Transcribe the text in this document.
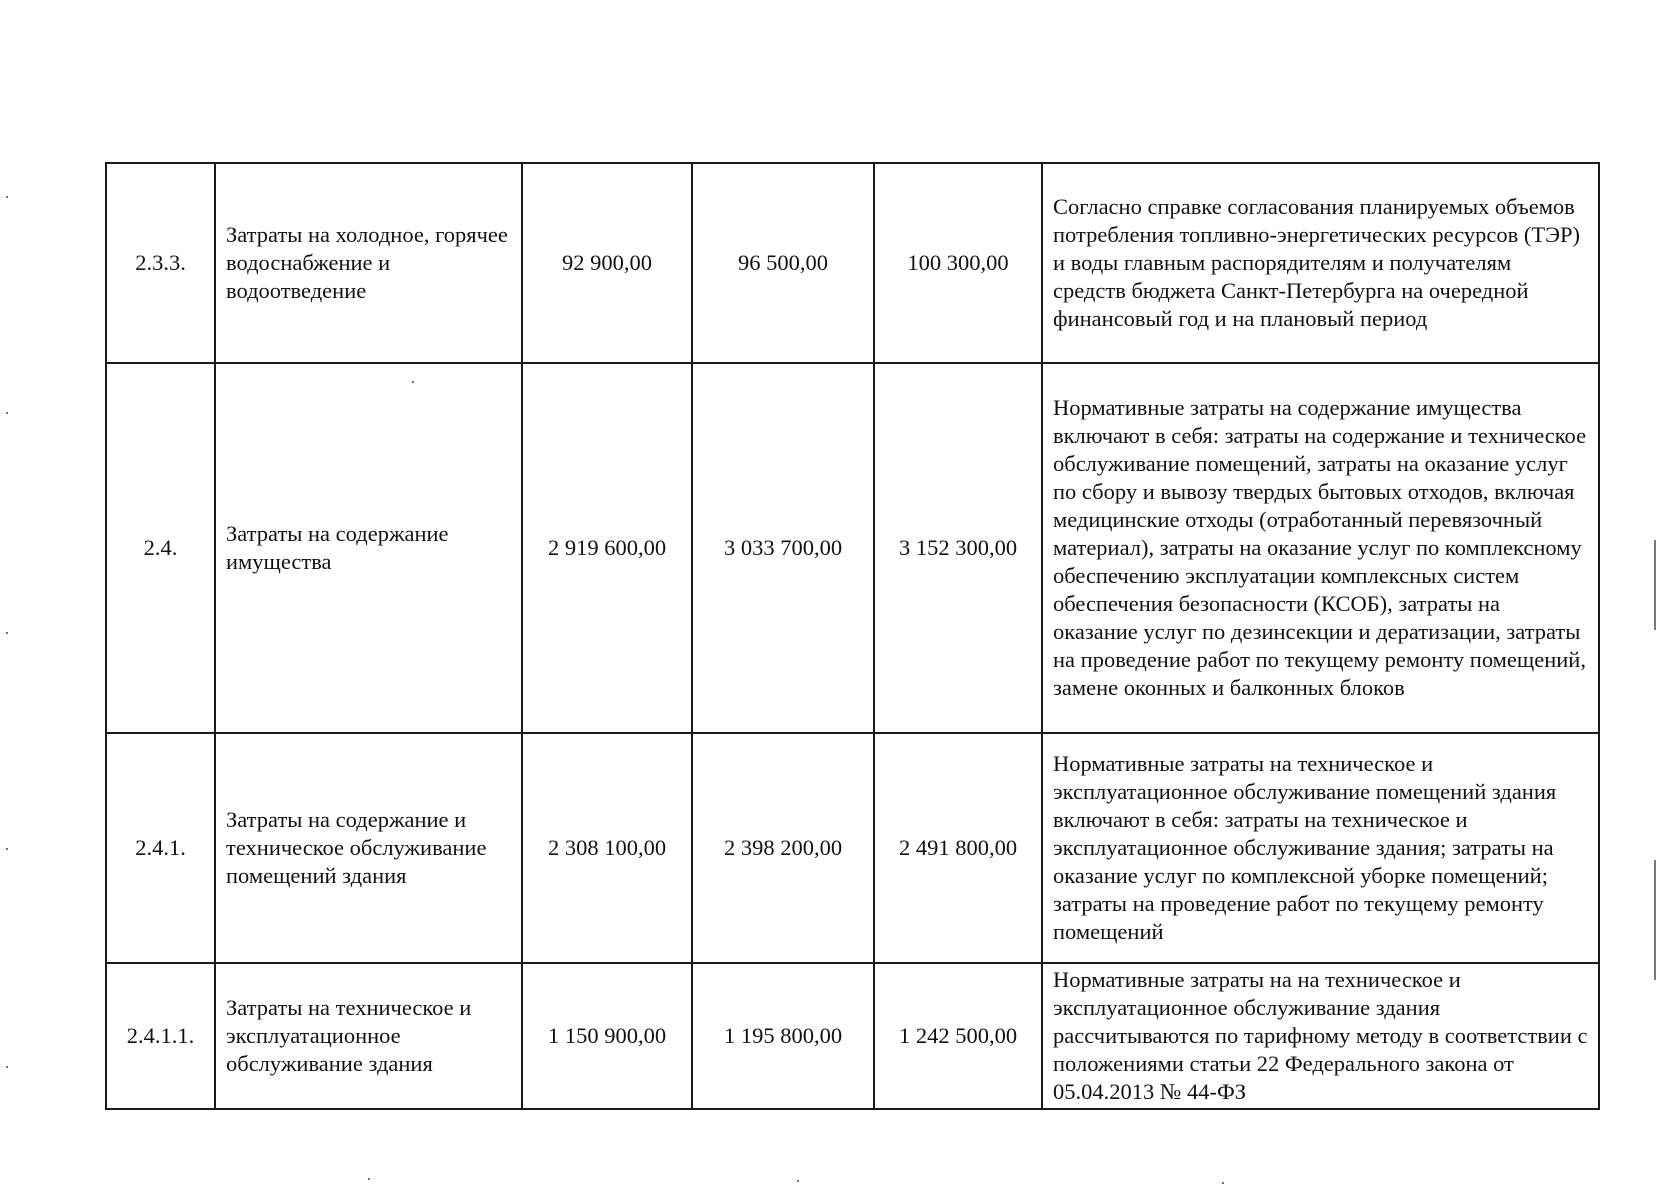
2.3.3.	Затраты на холодное, горячее водоснабжение и водоотведение	92 900,00	96 500,00	100 300,00	Согласно справке согласования планируемых объемов потребления топливно-энергетических ресурсов (ТЭР) и воды главным распорядителям и получателям средств бюджета Санкт-Петербурга на очередной финансовый год и на плановый период
2.4.	Затраты на содержание имущества	2 919 600,00	3 033 700,00	3 152 300,00	Нормативные затраты на содержание имущества включают в себя: затраты на содержание и техническое обслуживание помещений, затраты на оказание услуг по сбору и вывозу твердых бытовых отходов, включая медицинские отходы (отработанный перевязочный материал), затраты на оказание услуг по комплексному обеспечению эксплуатации комплексных систем обеспечения безопасности (КСОБ), затраты на оказание услуг по дезинсекции и дератизации, затраты на проведение работ по текущему ремонту помещений, замене оконных и балконных блоков
2.4.1.	Затраты на содержание и техническое обслуживание помещений здания	2 308 100,00	2 398 200,00	2 491 800,00	Нормативные затраты на техническое и эксплуатационное обслуживание помещений здания включают в себя: затраты на техническое и эксплуатационное обслуживание здания; затраты на оказание услуг по комплексной уборке помещений; затраты на проведение работ по текущему ремонту помещений
2.4.1.1.	Затраты на техническое и эксплуатационное обслуживание здания	1 150 900,00	1 195 800,00	1 242 500,00	Нормативные затраты на на техническое и эксплуатационное обслуживание здания рассчитываются по тарифному методу в соответствии с положениями статьи 22 Федерального закона от 05.04.2013 № 44-ФЗ
